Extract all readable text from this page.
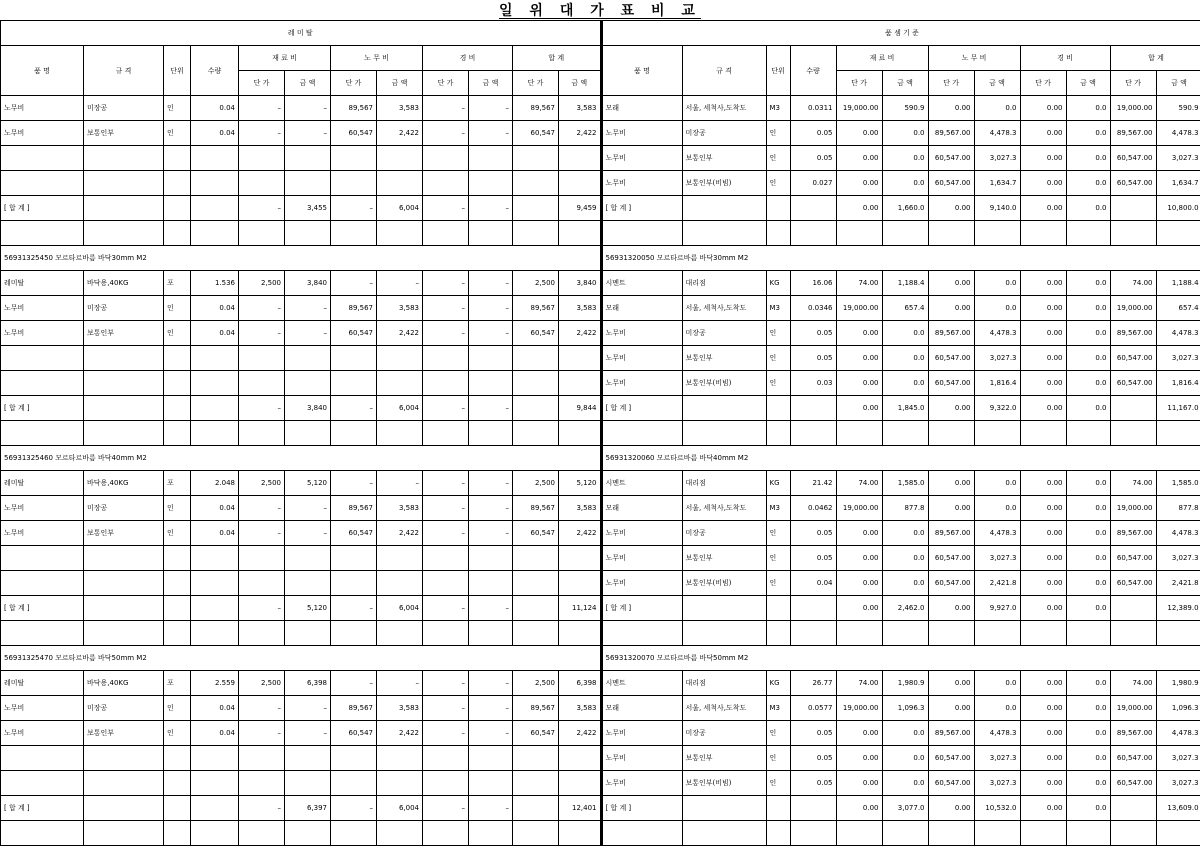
일 위 대 가 표 비 교
레 미 탈											
품 명	규 격	단위	수량	재 료 비		노 무 비		경 비		합 계	
				단 가	금 액	단 가	금 액	단 가	금 액	단 가	금 액
노무비	미장공	인	0.04	–	–	89,567	3,583	–	–	89,567	3,583
노무비	보통인부	인	0.04	–	–	60,547	2,422	–	–	60,547	2,422

[ 합 계 ]				–	3,455	–	6,004	–	–		9,459

56931325450 모르타르바름 바닥30mm M2											
레미탈	바닥용,40KG	포	1.536	2,500	3,840	–	–	–	–	2,500	3,840
노무비	미장공	인	0.04	–	–	89,567	3,583	–	–	89,567	3,583
노무비	보통인부	인	0.04	–	–	60,547	2,422	–	–	60,547	2,422

[ 합 계 ]				–	3,840	–	6,004	–	–		9,844

56931325460 모르타르바름 바닥40mm M2											
레미탈	바닥용,40KG	포	2.048	2,500	5,120	–	–	–	–	2,500	5,120
노무비	미장공	인	0.04	–	–	89,567	3,583	–	–	89,567	3,583
노무비	보통인부	인	0.04	–	–	60,547	2,422	–	–	60,547	2,422

[ 합 계 ]				–	5,120	–	6,004	–	–		11,124

56931325470 모르타르바름 바닥50mm M2											
레미탈	바닥용,40KG	포	2.559	2,500	6,398	–	–	–	–	2,500	6,398
노무비	미장공	인	0.04	–	–	89,567	3,583	–	–	89,567	3,583
노무비	보통인부	인	0.04	–	–	60,547	2,422	–	–	60,547	2,422

[ 합 계 ]				–	6,397	–	6,004	–	–		12,401

품 셈 기 준											
품 명	규 격	단위	수량	재 료 비		노 무 비		경 비		합 계	
				단 가	금 액	단 가	금 액	단 가	금 액	단 가	금 액
모래	서울, 세척사,도착도	M3	0.0311	19,000.00	590.9	0.00	0.0	0.00	0.0	19,000.00	590.9
노무비	미장공	인	0.05	0.00	0.0	89,567.00	4,478.3	0.00	0.0	89,567.00	4,478.3
노무비	보통인부	인	0.05	0.00	0.0	60,547.00	3,027.3	0.00	0.0	60,547.00	3,027.3
노무비	보통인부(비빔)	인	0.027	0.00	0.0	60,547.00	1,634.7	0.00	0.0	60,547.00	1,634.7
[ 합 계 ]				0.00	1,660.0	0.00	9,140.0	0.00	0.0		10,800.0

56931320050 모르타르바름 바닥30mm M2											
시멘트	대리점	KG	16.06	74.00	1,188.4	0.00	0.0	0.00	0.0	74.00	1,188.4
모래	서울, 세척사,도착도	M3	0.0346	19,000.00	657.4	0.00	0.0	0.00	0.0	19,000.00	657.4
노무비	미장공	인	0.05	0.00	0.0	89,567.00	4,478.3	0.00	0.0	89,567.00	4,478.3
노무비	보통인부	인	0.05	0.00	0.0	60,547.00	3,027.3	0.00	0.0	60,547.00	3,027.3
노무비	보통인부(비빔)	인	0.03	0.00	0.0	60,547.00	1,816.4	0.00	0.0	60,547.00	1,816.4
[ 합 계 ]				0.00	1,845.0	0.00	9,322.0	0.00	0.0		11,167.0

56931320060 모르타르바름 바닥40mm M2											
시멘트	대리점	KG	21.42	74.00	1,585.0	0.00	0.0	0.00	0.0	74.00	1,585.0
모래	서울, 세척사,도착도	M3	0.0462	19,000.00	877.8	0.00	0.0	0.00	0.0	19,000.00	877.8
노무비	미장공	인	0.05	0.00	0.0	89,567.00	4,478.3	0.00	0.0	89,567.00	4,478.3
노무비	보통인부	인	0.05	0.00	0.0	60,547.00	3,027.3	0.00	0.0	60,547.00	3,027.3
노무비	보통인부(비빔)	인	0.04	0.00	0.0	60,547.00	2,421.8	0.00	0.0	60,547.00	2,421.8
[ 합 계 ]				0.00	2,462.0	0.00	9,927.0	0.00	0.0		12,389.0

56931320070 모르타르바름 바닥50mm M2											
시멘트	대리점	KG	26.77	74.00	1,980.9	0.00	0.0	0.00	0.0	74.00	1,980.9
모래	서울, 세척사,도착도	M3	0.0577	19,000.00	1,096.3	0.00	0.0	0.00	0.0	19,000.00	1,096.3
노무비	미장공	인	0.05	0.00	0.0	89,567.00	4,478.3	0.00	0.0	89,567.00	4,478.3
노무비	보통인부	인	0.05	0.00	0.0	60,547.00	3,027.3	0.00	0.0	60,547.00	3,027.3
노무비	보통인부(비빔)	인	0.05	0.00	0.0	60,547.00	3,027.3	0.00	0.0	60,547.00	3,027.3
[ 합 계 ]				0.00	3,077.0	0.00	10,532.0	0.00	0.0		13,609.0
